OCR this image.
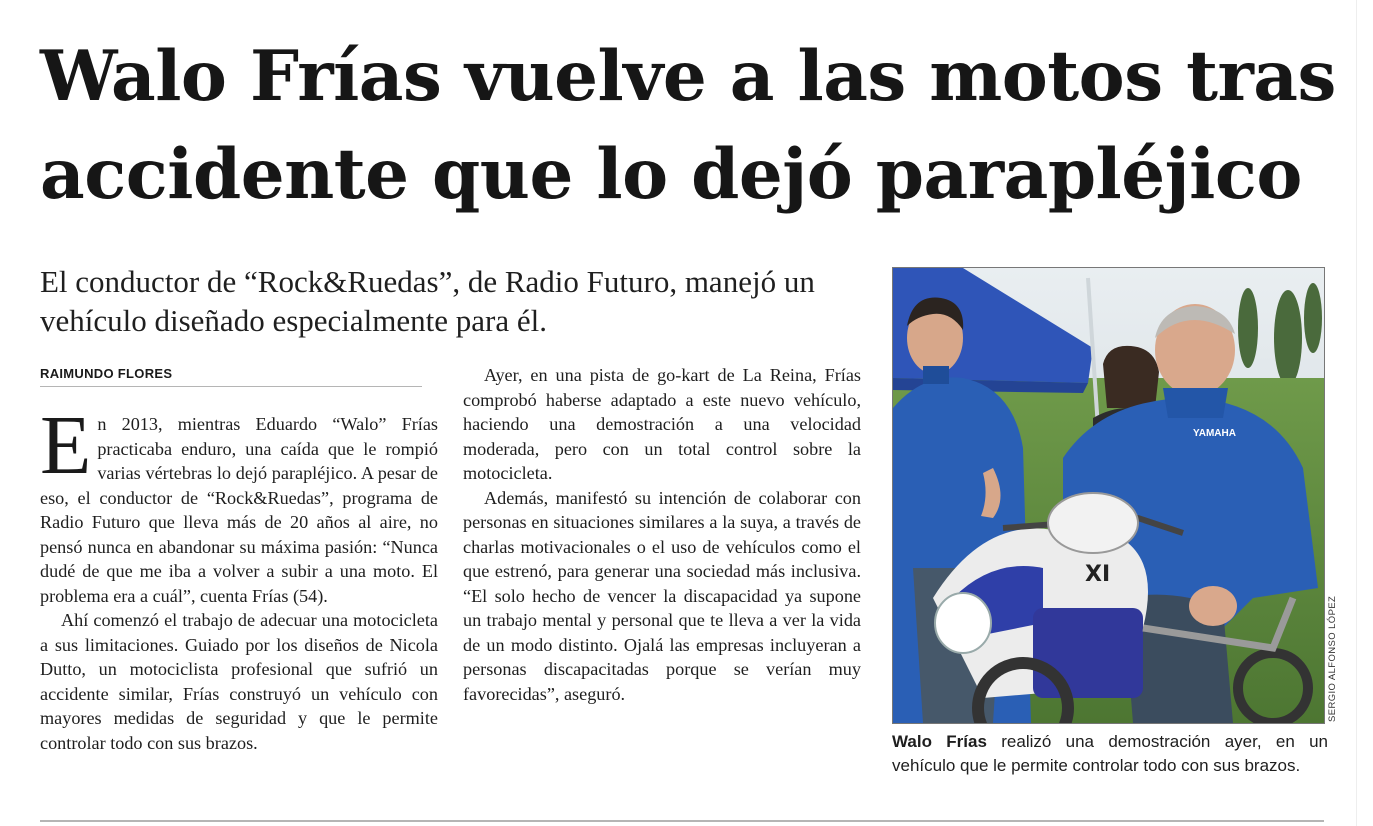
Walo Frías vuelve a las motos tras accidente que lo dejó parapléjico
El conductor de “Rock&Ruedas”, de Radio Futuro, manejó un vehículo diseñado especialmente para él.
RAIMUNDO FLORES

En 2013, mientras Eduardo “Walo” Frías practicaba enduro, una caída que le rompió varias vértebras lo dejó parapléjico. A pesar de eso, el conductor de “Rock&Ruedas”, programa de Radio Futuro que lleva más de 20 años al aire, no pensó nunca en abandonar su máxima pasión: “Nunca dudé de que me iba a volver a subir a una moto. El problema era a cuál”, cuenta Frías (54).

Ahí comenzó el trabajo de adecuar una motocicleta a sus limitaciones. Guiado por los diseños de Nicola Dutto, un motociclista profesional que sufrió un accidente similar, Frías construyó un vehículo con mayores medidas de seguridad y que le permite controlar todo con sus brazos.

Ayer, en una pista de go-kart de La Reina, Frías comprobó haberse adaptado a este nuevo vehículo, haciendo una demostración a una velocidad moderada, pero con un total control sobre la motocicleta.

Además, manifestó su intención de colaborar con personas en situaciones similares a la suya, a través de charlas motivacionales o el uso de vehículos como el que estrenó, para generar una sociedad más inclusiva. “El solo hecho de vencer la discapacidad ya supone un trabajo mental y personal que te lleva a ver la vida de un modo distinto. Ojalá las empresas incluyeran a personas discapacitadas porque se verían muy favorecidas”, aseguró.

YAMAHA
XI
SERGIO ALFONSO LÓPEZ
Walo Frías realizó una demostración ayer, en un vehículo que le permite controlar todo con sus brazos.
